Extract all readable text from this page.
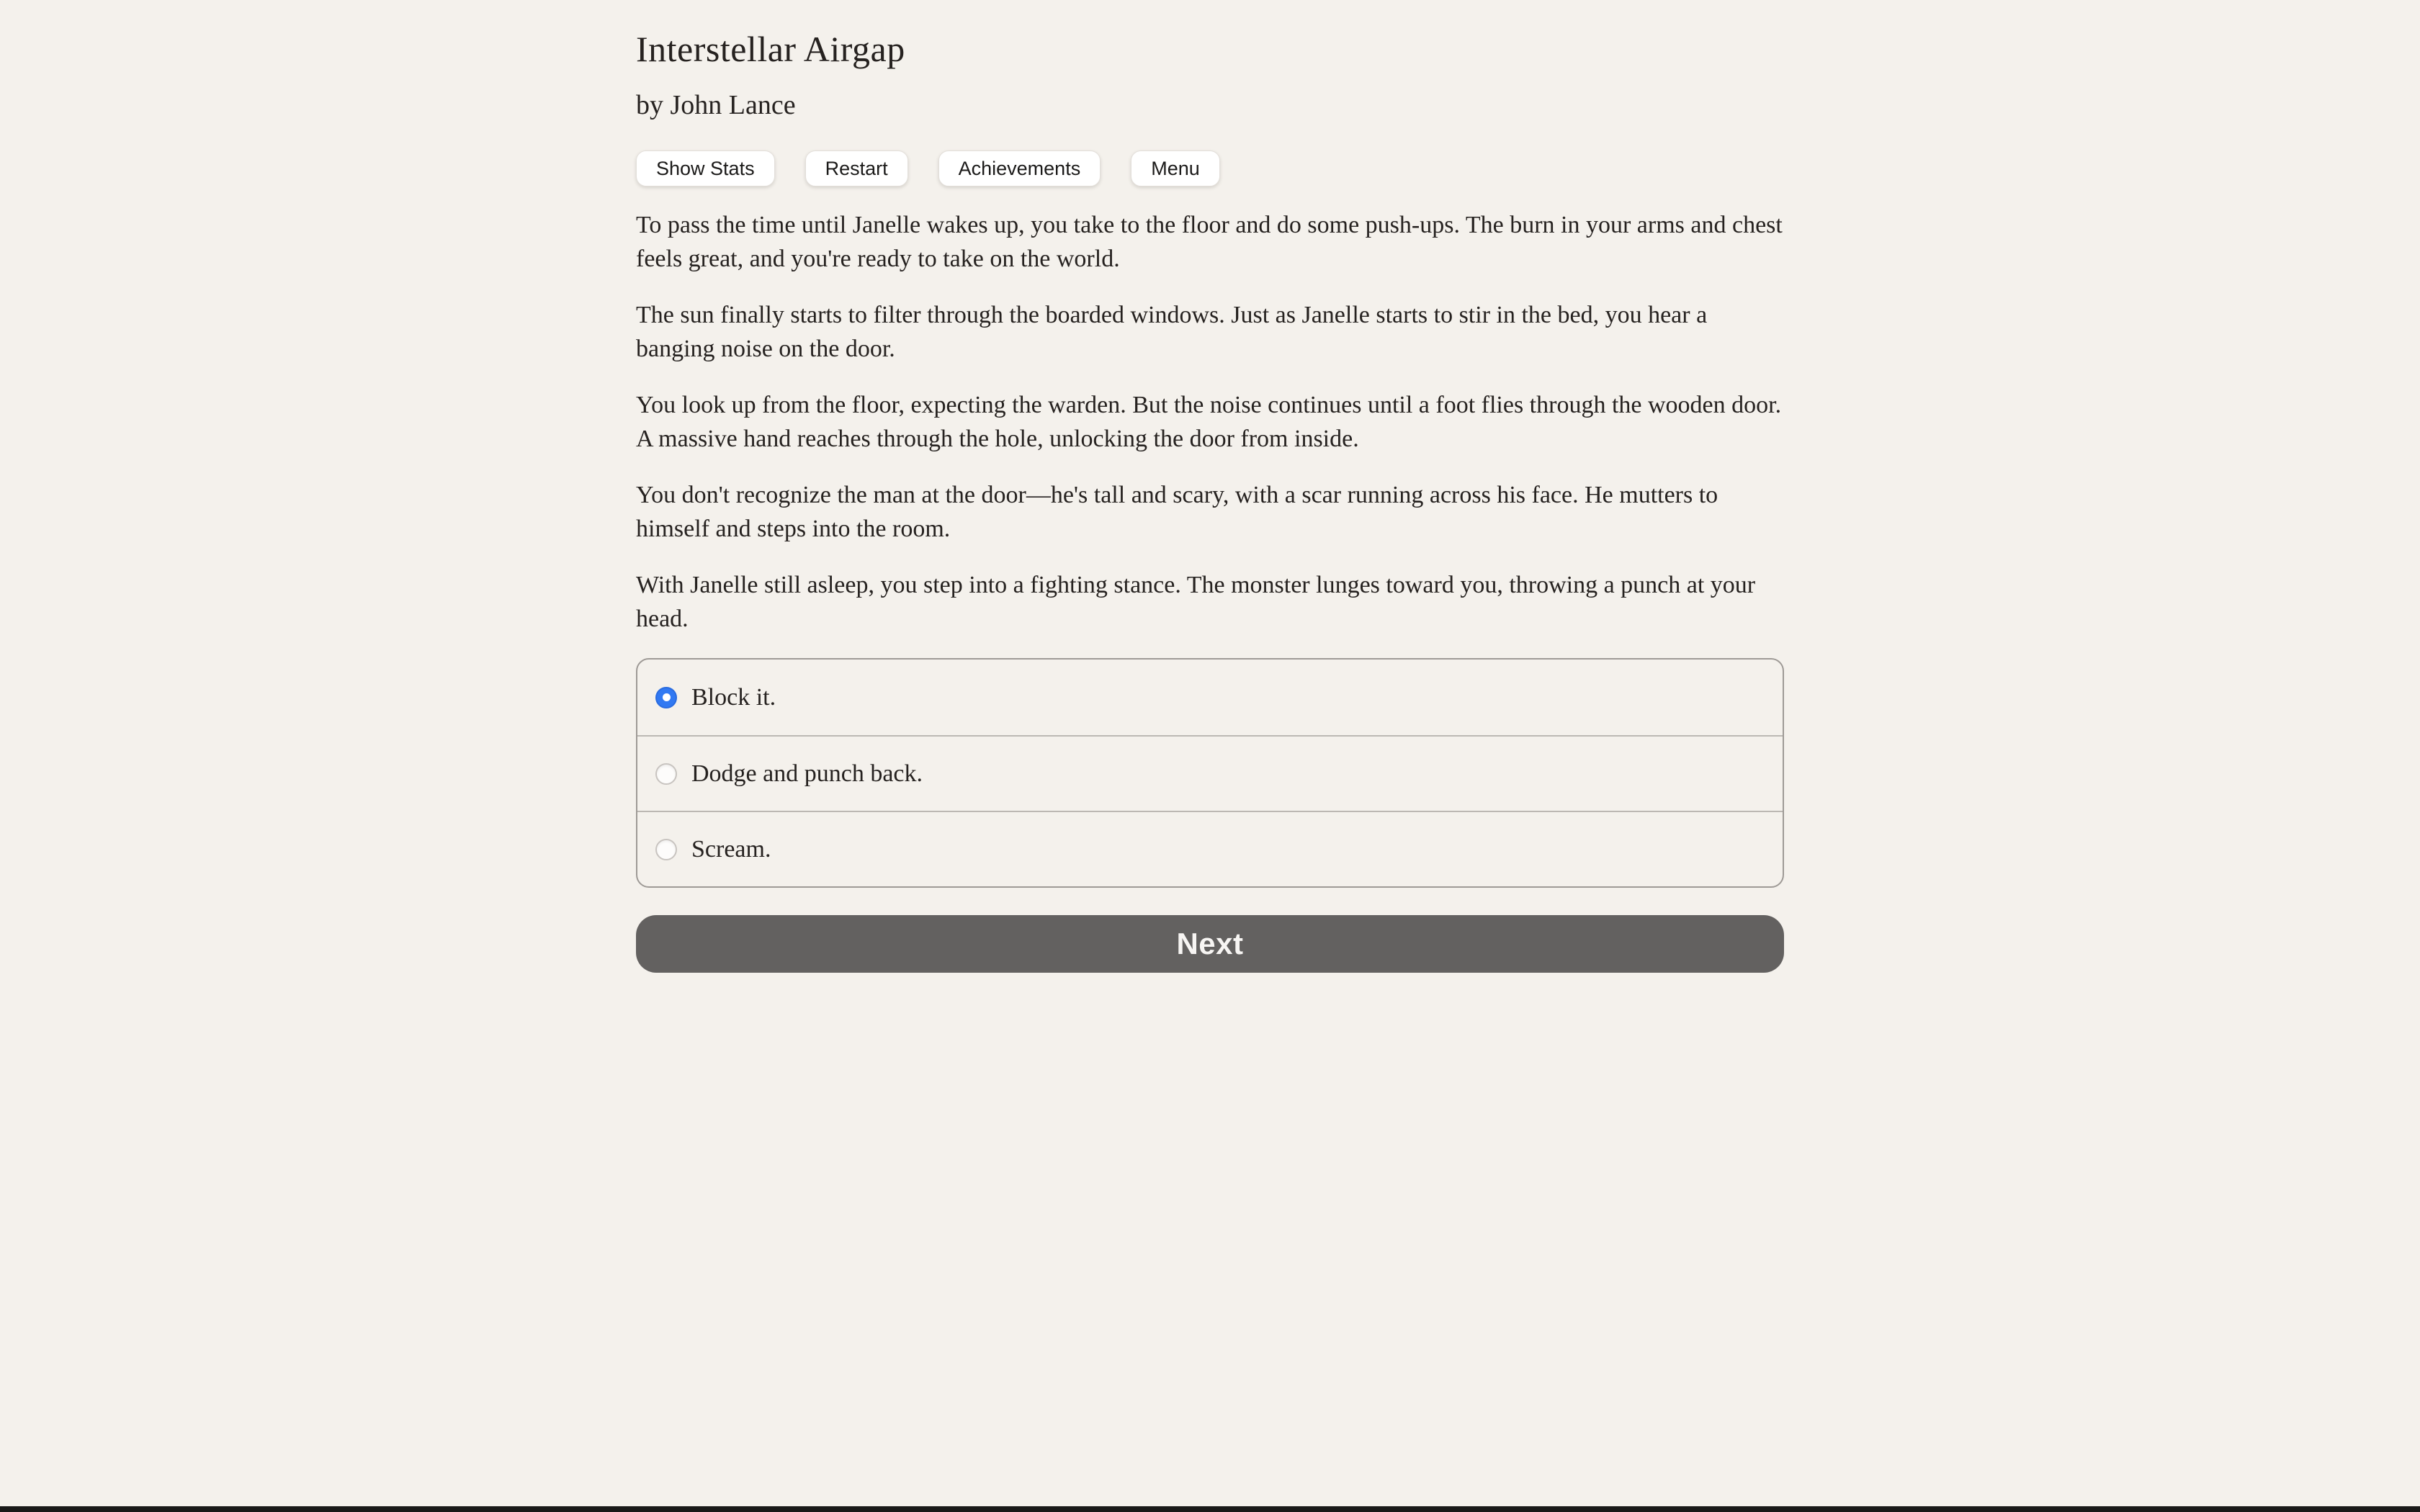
Interstellar Airgap
by John Lance
Show Stats	Restart	Achievements	Menu

To pass the time until Janelle wakes up, you take to the floor and do some push-ups. The burn in your arms and chest feels great, and you're ready to take on the world.

The sun finally starts to filter through the boarded windows. Just as Janelle starts to stir in the bed, you hear a banging noise on the door.

You look up from the floor, expecting the warden. But the noise continues until a foot flies through the wooden door. A massive hand reaches through the hole, unlocking the door from inside.

You don't recognize the man at the door—he's tall and scary, with a scar running across his face. He mutters to himself and steps into the room.

With Janelle still asleep, you step into a fighting stance. The monster lunges toward you, throwing a punch at your head.

Block it.
Dodge and punch back.
Scream.
Next
